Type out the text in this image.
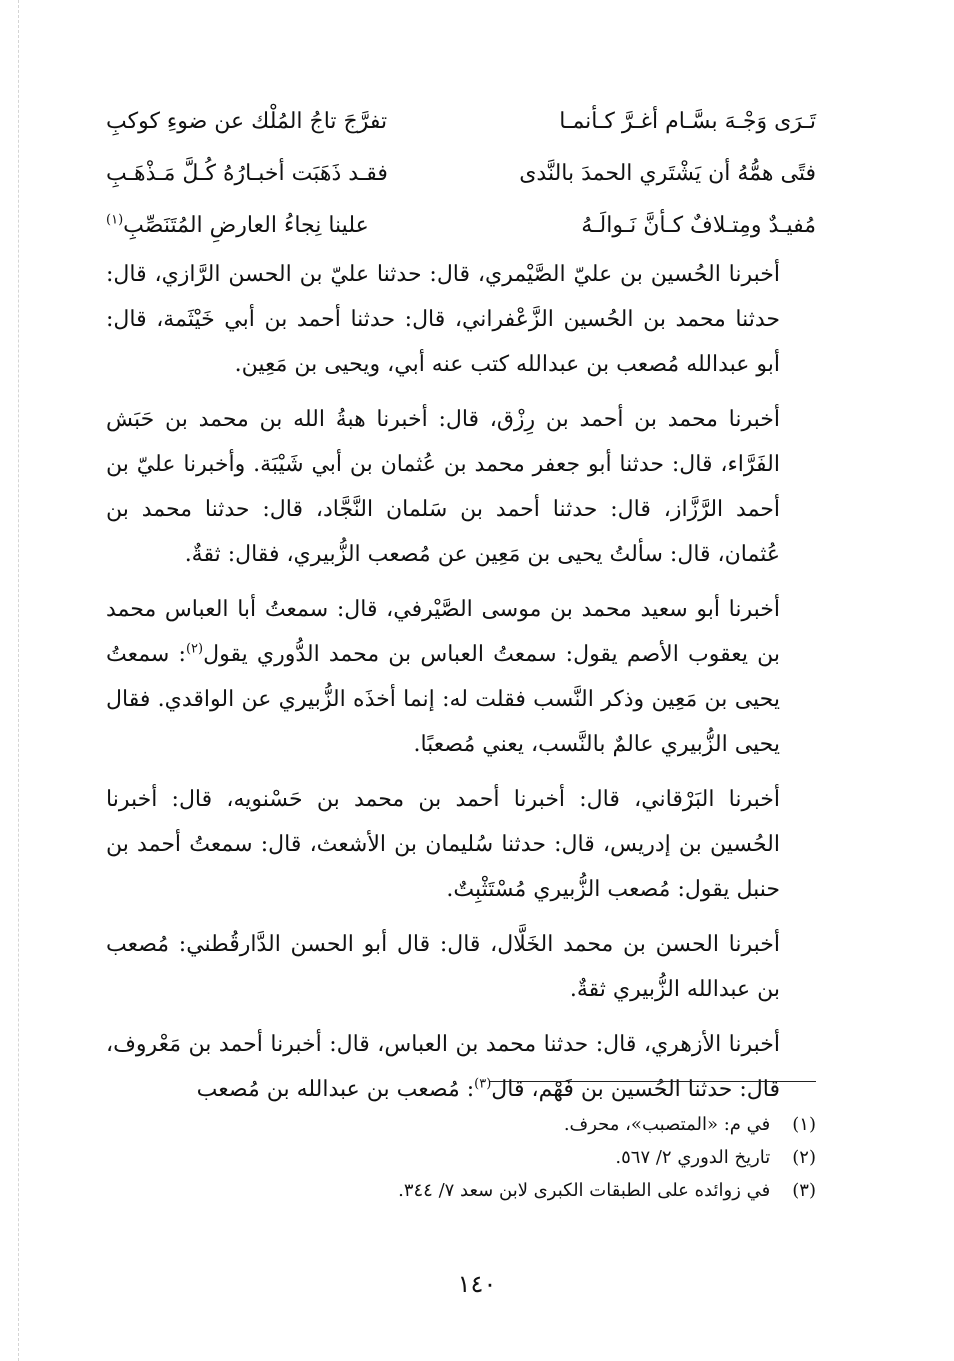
تَـرَى وَجْـهَ بسَّـام أغـرَّ كـأنمـا
تفرَّجَ تاجُ المُلْك عن ضوءِ كوكبِ
فتًى همُّهُ أن يَشْتَري الحمدَ بالنَّدى
فقـد ذَهَبَت أخبـارُهُ كُـلَّ مَـذْهَـبِ
مُفيـدٌ ومِتـلافٌ كـأنَّ نَـوالَـهُ
علينا نِجاءُ العارضِ المُتَنَصِّبِ$^{(١)}$

أخبرنا الحُسين بن عليّ الصَّيْمري، قال: حدثنا عليّ بن الحسن الرَّازي، قال: حدثنا محمد بن الحُسين الزَّعْفراني، قال: حدثنا أحمد بن أبي خَيْثَمة، قال: أبو عبدالله مُصعب بن عبدالله كتب عنه أبي، ويحيى بن مَعِين.

أخبرنا محمد بن أحمد بن رِزْق، قال: أخبرنا هبةُ الله بن محمد بن حَبَش الفَرَّاء، قال: حدثنا أبو جعفر محمد بن عُثمان بن أبي شَيْبَة. وأخبرنا عليّ بن أحمد الرَّزَّاز، قال: حدثنا أحمد بن سَلمان النَّجَّاد، قال: حدثنا محمد بن عُثمان، قال: سألتُ يحيى بن مَعِين عن مُصعب الزُّبيري، فقال: ثقةٌ.

أخبرنا أبو سعيد محمد بن موسى الصَّيْرفي، قال: سمعتُ أبا العباس محمد بن يعقوب الأصم يقول: سمعتُ العباس بن محمد الدُّوري يقول$^{(٢)}$: سمعتُ يحيى بن مَعِين وذكر النَّسب فقلت له: إنما أخذَه الزُّبيري عن الواقدي. فقال يحيى الزُّبيري عالمٌ بالنَّسب، يعني مُصعبًا.

أخبرنا البَرْقاني، قال: أخبرنا أحمد بن محمد بن حَسْنويه، قال: أخبرنا الحُسين بن إدريس، قال: حدثنا سُليمان بن الأشعث، قال: سمعتُ أحمد بن حنبل يقول: مُصعب الزُّبيري مُسْتَثْبِتٌ.

أخبرنا الحسن بن محمد الخَلَّال، قال: قال أبو الحسن الدَّارقُطني: مُصعب بن عبدالله الزُّبيري ثقةٌ.

أخبرنا الأزهري، قال: حدثنا محمد بن العباس، قال: أخبرنا أحمد بن مَعْروف، قال: حدثنا الحُسين بن فَهْم، قال$^{(٣)}$: مُصعب بن عبدالله بن مُصعب

(١) في م: «المتصبب»، محرف.
(٢) تاريخ الدوري ٢/ ٥٦٧.
(٣) في زوائده على الطبقات الكبرى لابن سعد ٧/ ٣٤٤.
١٤٠
